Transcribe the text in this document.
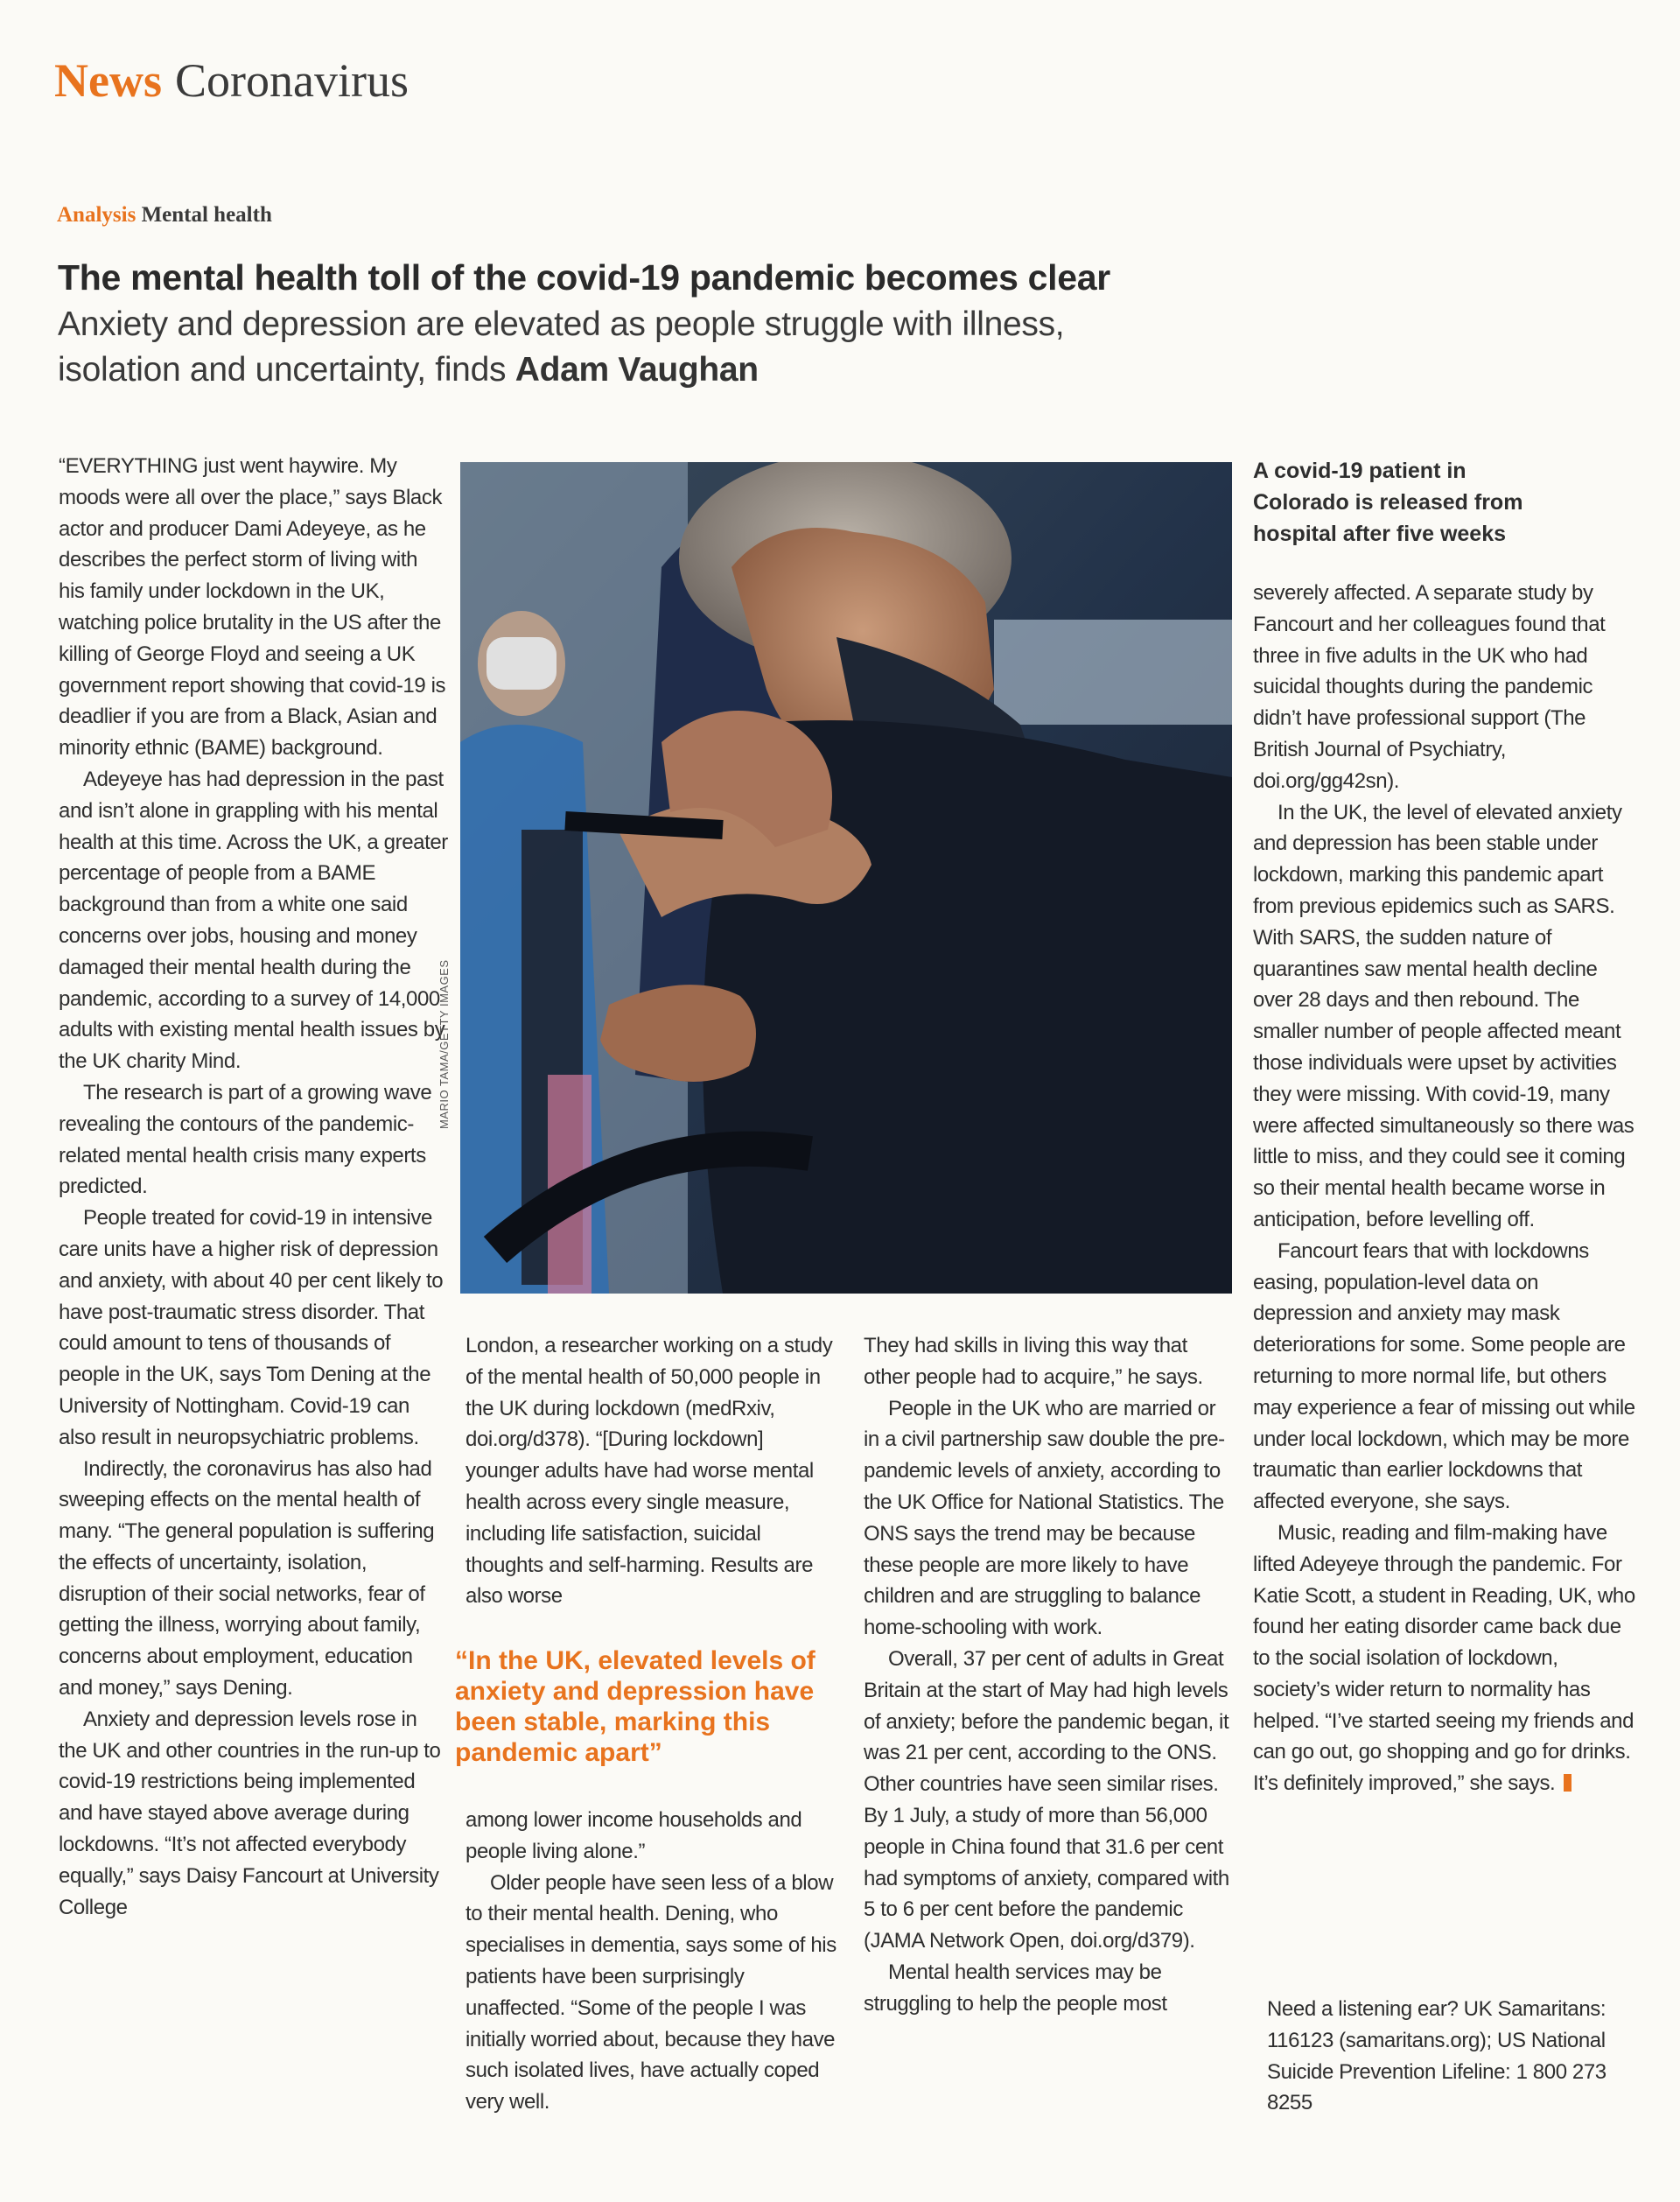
News Coronavirus
Analysis Mental health
The mental health toll of the covid-19 pandemic becomes clear

Anxiety and depression are elevated as people struggle with illness, isolation and uncertainty, finds Adam Vaughan

“EVERYTHING just went haywire. My moods were all over the place,” says Black actor and producer Dami Adeyeye, as he describes the perfect storm of living with his family under lockdown in the UK, watching police brutality in the US after the killing of George Floyd and seeing a UK government report showing that covid-19 is deadlier if you are from a Black, Asian and minority ethnic (BAME) background.

Adeyeye has had depression in the past and isn’t alone in grappling with his mental health at this time. Across the UK, a greater percentage of people from a BAME background than from a white one said concerns over jobs, housing and money damaged their mental health during the pandemic, according to a survey of 14,000 adults with existing mental health issues by the UK charity Mind.

The research is part of a growing wave revealing the contours of the pandemic-related mental health crisis many experts predicted.

People treated for covid-19 in intensive care units have a higher risk of depression and anxiety, with about 40 per cent likely to have post-traumatic stress disorder. That could amount to tens of thousands of people in the UK, says Tom Dening at the University of Nottingham. Covid-19 can also result in neuropsychiatric problems.

Indirectly, the coronavirus has also had sweeping effects on the mental health of many. “The general population is suffering the effects of uncertainty, isolation, disruption of their social networks, fear of getting the illness, worrying about family, concerns about employment, education and money,” says Dening.

Anxiety and depression levels rose in the UK and other countries in the run-up to covid-19 restrictions being implemented and have stayed above average during lockdowns. “It’s not affected everybody equally,” says Daisy Fancourt at University College

MARIO TAMA/GETTY IMAGES
A covid-19 patient in Colorado is released from hospital after five weeks

London, a researcher working on a study of the mental health of 50,000 people in the UK during lockdown (medRxiv, doi.org/d378). “[During lockdown] younger adults have had worse mental health across every single measure, including life satisfaction, suicidal thoughts and self-harming. Results are also worse

“In the UK, elevated levels of anxiety and depression have been stable, marking this pandemic apart”

among lower income households and people living alone.”

Older people have seen less of a blow to their mental health. Dening, who specialises in dementia, says some of his patients have been surprisingly unaffected. “Some of the people I was initially worried about, because they have such isolated lives, have actually coped very well.

They had skills in living this way that other people had to acquire,” he says.

People in the UK who are married or in a civil partnership saw double the pre-pandemic levels of anxiety, according to the UK Office for National Statistics. The ONS says the trend may be because these people are more likely to have children and are struggling to balance home-schooling with work.

Overall, 37 per cent of adults in Great Britain at the start of May had high levels of anxiety; before the pandemic began, it was 21 per cent, according to the ONS. Other countries have seen similar rises. By 1 July, a study of more than 56,000 people in China found that 31.6 per cent had symptoms of anxiety, compared with 5 to 6 per cent before the pandemic (JAMA Network Open, doi.org/d379).

Mental health services may be struggling to help the people most

severely affected. A separate study by Fancourt and her colleagues found that three in five adults in the UK who had suicidal thoughts during the pandemic didn’t have professional support (The British Journal of Psychiatry, doi.org/gg42sn).

In the UK, the level of elevated anxiety and depression has been stable under lockdown, marking this pandemic apart from previous epidemics such as SARS. With SARS, the sudden nature of quarantines saw mental health decline over 28 days and then rebound. The smaller number of people affected meant those individuals were upset by activities they were missing. With covid-19, many were affected simultaneously so there was little to miss, and they could see it coming so their mental health became worse in anticipation, before levelling off.

Fancourt fears that with lockdowns easing, population-level data on depression and anxiety may mask deteriorations for some. Some people are returning to more normal life, but others may experience a fear of missing out while under local lockdown, which may be more traumatic than earlier lockdowns that affected everyone, she says.

Music, reading and film-making have lifted Adeyeye through the pandemic. For Katie Scott, a student in Reading, UK, who found her eating disorder came back due to the social isolation of lockdown, society’s wider return to normality has helped. “I’ve started seeing my friends and can go out, go shopping and go for drinks. It’s definitely improved,” she says.

Need a listening ear? UK Samaritans: 116123 (samaritans.org); US National Suicide Prevention Lifeline: 1 800 273 8255
